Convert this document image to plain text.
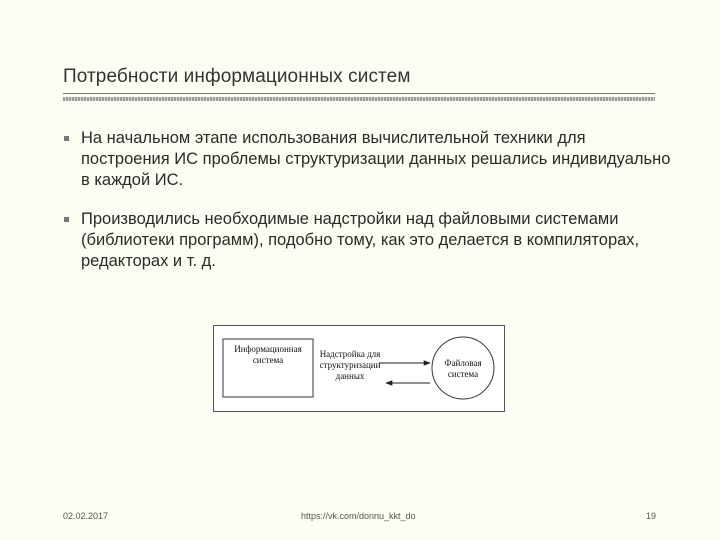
Потребности информационных систем
На начальном этапе использования вычислительной техники для построения ИС проблемы структуризации данных решались индивидуально в каждой ИС.
Производились необходимые надстройки над файловыми системами (библиотеки программ), подобно тому, как это делается в компиляторах, редакторах и т. д.
Информационная
система
Надстройка для
структуризации
данных
Файловая
система
02.02.2017	https://vk.com/donnu_kkt_do	19
